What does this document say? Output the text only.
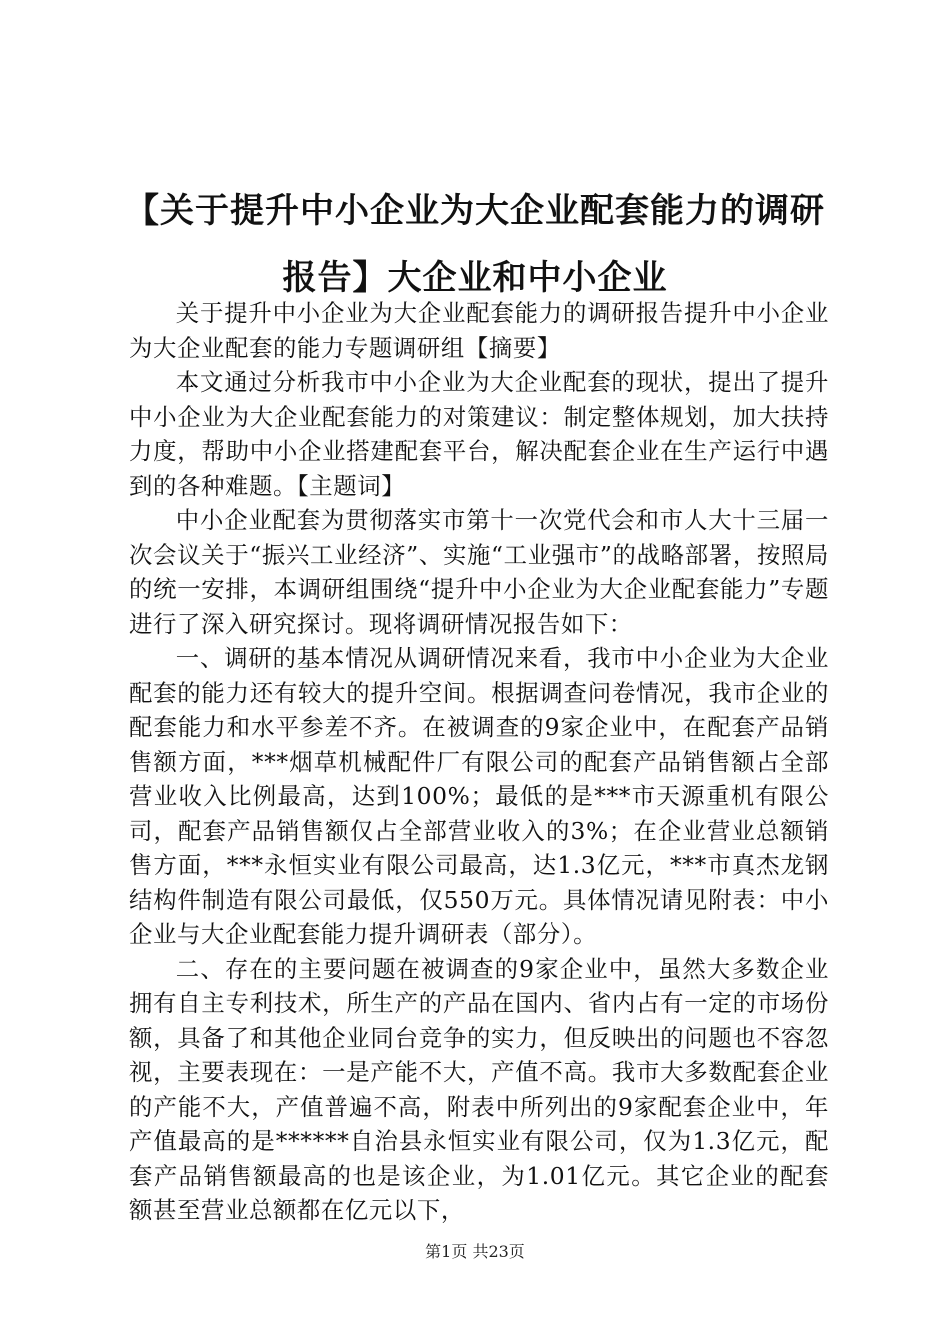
【关于提升中小企业为大企业配套能力的调研报告】大企业和中小企业

关于提升中小企业为大企业配套能力的调研报告提升中小企业为大企业配套的能力专题调研组【摘要】

本文通过分析我市中小企业为大企业配套的现状，提出了提升中小企业为大企业配套能力的对策建议：制定整体规划，加大扶持力度，帮助中小企业搭建配套平台，解决配套企业在生产运行中遇到的各种难题。【主题词】

中小企业配套为贯彻落实市第十一次党代会和市人大十三届一次会议关于“振兴工业经济”、实施“工业强市”的战略部署，按照局的统一安排，本调研组围绕“提升中小企业为大企业配套能力”专题进行了深入研究探讨。现将调研情况报告如下：

一、调研的基本情况从调研情况来看，我市中小企业为大企业配套的能力还有较大的提升空间。根据调查问卷情况，我市企业的配套能力和水平参差不齐。在被调查的9家企业中，在配套产品销售额方面，***烟草机械配件厂有限公司的配套产品销售额占全部营业收入比例最高，达到100%；最低的是***市天源重机有限公司，配套产品销售额仅占全部营业收入的3%；在企业营业总额销售方面，***永恒实业有限公司最高，达1.3亿元，***市真杰龙钢结构件制造有限公司最低，仅550万元。具体情况请见附表：中小企业与大企业配套能力提升调研表（部分）。

二、存在的主要问题在被调查的9家企业中，虽然大多数企业拥有自主专利技术，所生产的产品在国内、省内占有一定的市场份额，具备了和其他企业同台竞争的实力，但反映出的问题也不容忽视，主要表现在：一是产能不大，产值不高。我市大多数配套企业的产能不大，产值普遍不高，附表中所列出的9家配套企业中，年产值最高的是******自治县永恒实业有限公司，仅为1.3亿元，配套产品销售额最高的也是该企业，为1.01亿元。其它企业的配套额甚至营业总额都在亿元以下，

第1页 共23页
